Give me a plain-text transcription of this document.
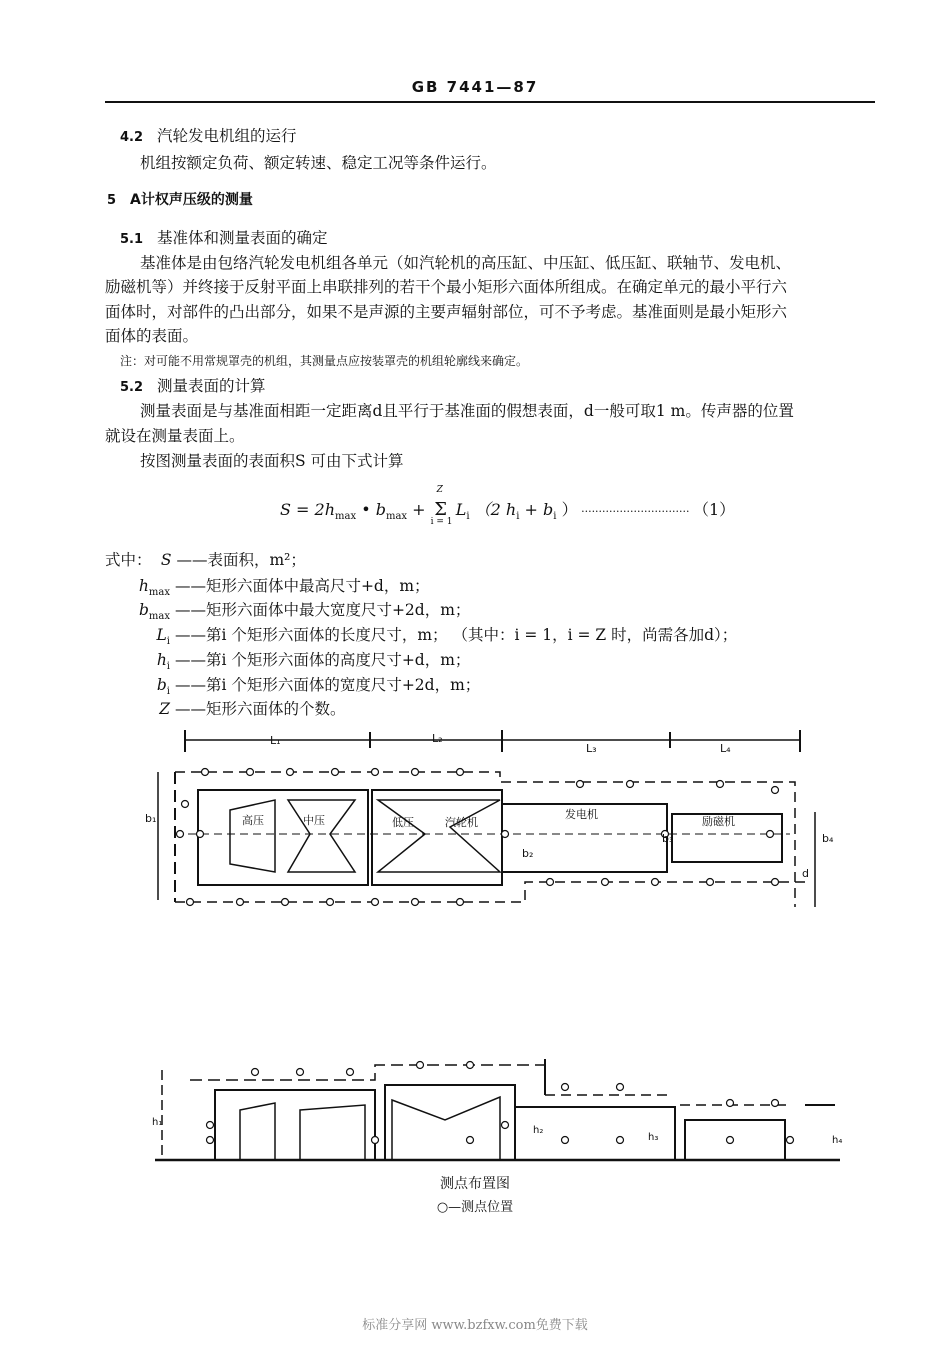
GB 7441—87
4.2 汽轮发电机组的运行
机组按额定负荷、额定转速、稳定工况等条件运行。
5 A计权声压级的测量
5.1 基准体和测量表面的确定
基准体是由包络汽轮发电机组各单元（如汽轮机的高压缸、中压缸、低压缸、联轴节、发电机、
励磁机等）并终接于反射平面上串联排列的若干个最小矩形六面体所组成。在确定单元的最小平行六
面体时，对部件的凸出部分，如果不是声源的主要声辐射部位，可不予考虑。基准面则是最小矩形六
面体的表面。
注：对可能不用常规罩壳的机组，其测量点应按装罩壳的机组轮廓线来确定。
5.2 测量表面的计算
测量表面是与基准面相距一定距离d且平行于基准面的假想表面，d一般可取1 m。传声器的位置
就设在测量表面上。
按图测量表面的表面积S 可由下式计算
$S = 2h_{max}$ • $b_{max}$ +
Z
Σ
i = 1
$L_i$ （2 $h_i + b_i$ ） ······························· （1）
式中： S ——表面积，m²；
$h_{max}$ ——矩形六面体中最高尺寸+d，m；
$b_{max}$ ——矩形六面体中最大宽度尺寸+2d，m；
$L_i$ ——第i 个矩形六面体的长度尺寸，m； （其中：i = 1，i = Z 时，尚需各加d）；
$h_i$ ——第i 个矩形六面体的高度尺寸+d，m；
$b_i$ ——第i 个矩形六面体的宽度尺寸+2d，m；
Z ——矩形六面体的个数。
L₁	L₂
L₃	L₄
高压	中压	低压	汽轮机
发电机
励磁机
b₁
b₂
b₃	b₄
d
h₁
h₂
h₃	h₄
测点布置图
○—测点位置
标准分享网 www.bzfxw.com免费下载
